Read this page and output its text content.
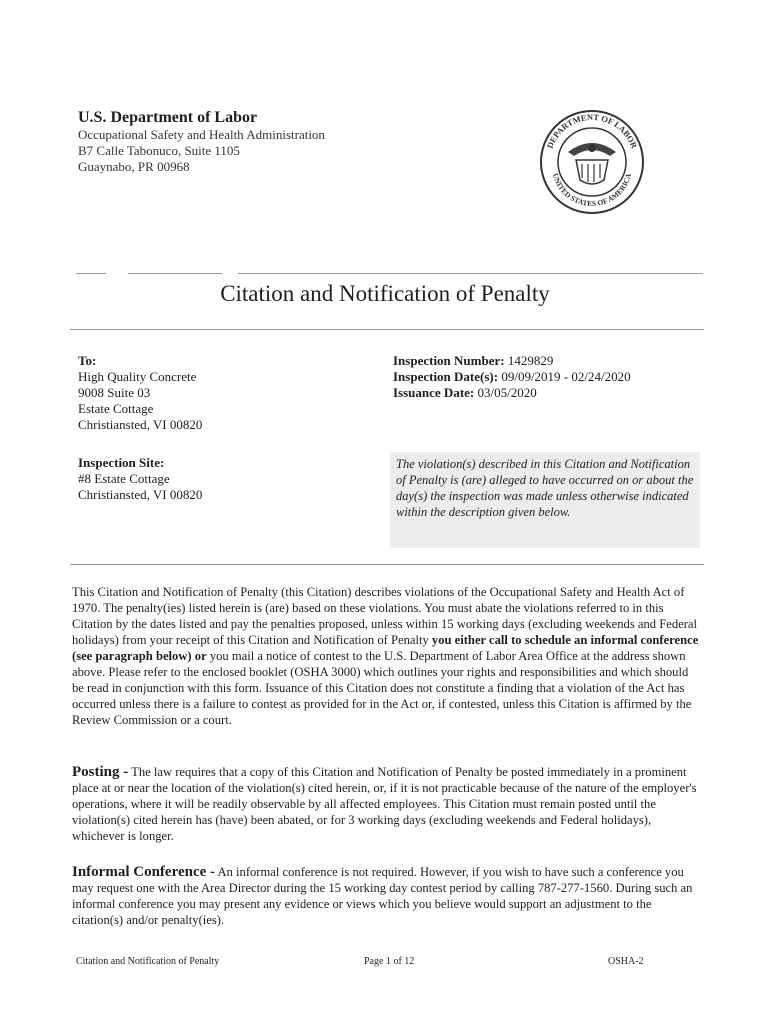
U.S. Department of Labor
Occupational Safety and Health Administration
B7 Calle Tabonuco, Suite 1105
Guaynabo, PR 00968
DEPARTMENT OF LABOR
UNITED STATES OF AMERICA
Citation and Notification of Penalty
To:
High Quality Concrete
9008 Suite 03
Estate Cottage
Christiansted, VI 00820
Inspection Site:
#8 Estate Cottage
Christiansted, VI 00820
Inspection Number: 1429829
Inspection Date(s): 09/09/2019 - 02/24/2020
Issuance Date: 03/05/2020
The violation(s) described in this Citation and Notification of Penalty is (are) alleged to have occurred on or about the day(s) the inspection was made unless otherwise indicated within the description given below.
This Citation and Notification of Penalty (this Citation) describes violations of the Occupational Safety and Health Act of 1970. The penalty(ies) listed herein is (are) based on these violations. You must abate the violations referred to in this Citation by the dates listed and pay the penalties proposed, unless within 15 working days (excluding weekends and Federal holidays) from your receipt of this Citation and Notification of Penalty you either call to schedule an informal conference (see paragraph below) or you mail a notice of contest to the U.S. Department of Labor Area Office at the address shown above. Please refer to the enclosed booklet (OSHA 3000) which outlines your rights and responsibilities and which should be read in conjunction with this form. Issuance of this Citation does not constitute a finding that a violation of the Act has occurred unless there is a failure to contest as provided for in the Act or, if contested, unless this Citation is affirmed by the Review Commission or a court.
Posting - The law requires that a copy of this Citation and Notification of Penalty be posted immediately in a prominent place at or near the location of the violation(s) cited herein, or, if it is not practicable because of the nature of the employer's operations, where it will be readily observable by all affected employees. This Citation must remain posted until the violation(s) cited herein has (have) been abated, or for 3 working days (excluding weekends and Federal holidays), whichever is longer.
Informal Conference - An informal conference is not required. However, if you wish to have such a conference you may request one with the Area Director during the 15 working day contest period by calling 787-277-1560. During such an informal conference you may present any evidence or views which you believe would support an adjustment to the citation(s) and/or penalty(ies).
Citation and Notification of Penalty	Page 1 of 12	OSHA-2
